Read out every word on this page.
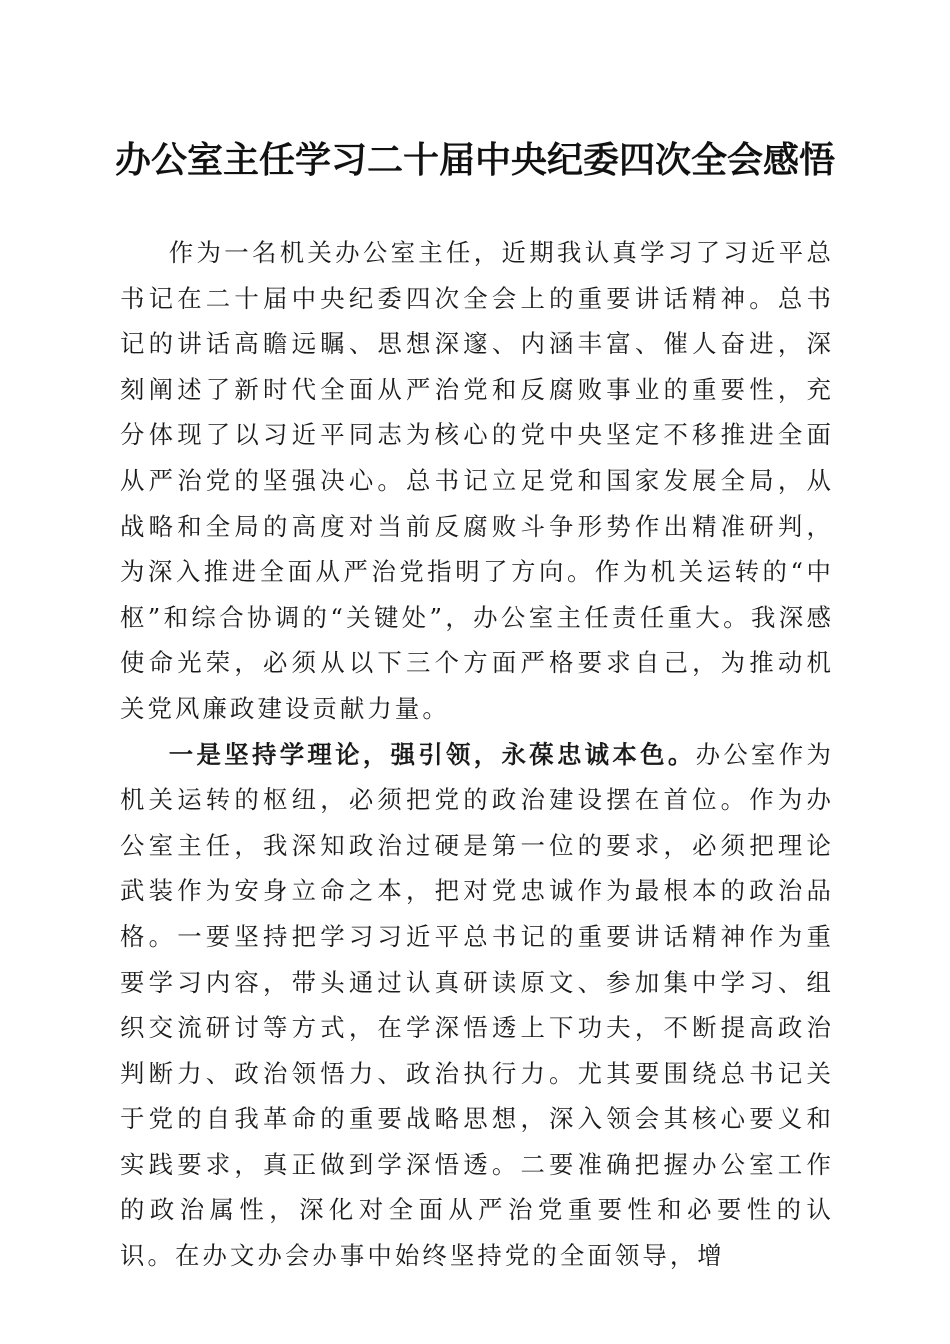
办公室主任学习二十届中央纪委四次全会感悟

作为一名机关办公室主任，近期我认真学习了习近平总书记在二十届中央纪委四次全会上的重要讲话精神。总书记的讲话高瞻远瞩、思想深邃、内涵丰富、催人奋进，深刻阐述了新时代全面从严治党和反腐败事业的重要性，充分体现了以习近平同志为核心的党中央坚定不移推进全面从严治党的坚强决心。总书记立足党和国家发展全局，从战略和全局的高度对当前反腐败斗争形势作出精准研判，为深入推进全面从严治党指明了方向。作为机关运转的“中枢”和综合协调的“关键处”，办公室主任责任重大。我深感使命光荣，必须从以下三个方面严格要求自己，为推动机关党风廉政建设贡献力量。

一是坚持学理论，强引领，永葆忠诚本色。办公室作为机关运转的枢纽，必须把党的政治建设摆在首位。作为办公室主任，我深知政治过硬是第一位的要求，必须把理论武装作为安身立命之本，把对党忠诚作为最根本的政治品格。一要坚持把学习习近平总书记的重要讲话精神作为重要学习内容，带头通过认真研读原文、参加集中学习、组织交流研讨等方式，在学深悟透上下功夫，不断提高政治判断力、政治领悟力、政治执行力。尤其要围绕总书记关于党的自我革命的重要战略思想，深入领会其核心要义和实践要求，真正做到学深悟透。二要准确把握办公室工作的政治属性，深化对全面从严治党重要性和必要性的认识。在办文办会办事中始终坚持党的全面领导，增
